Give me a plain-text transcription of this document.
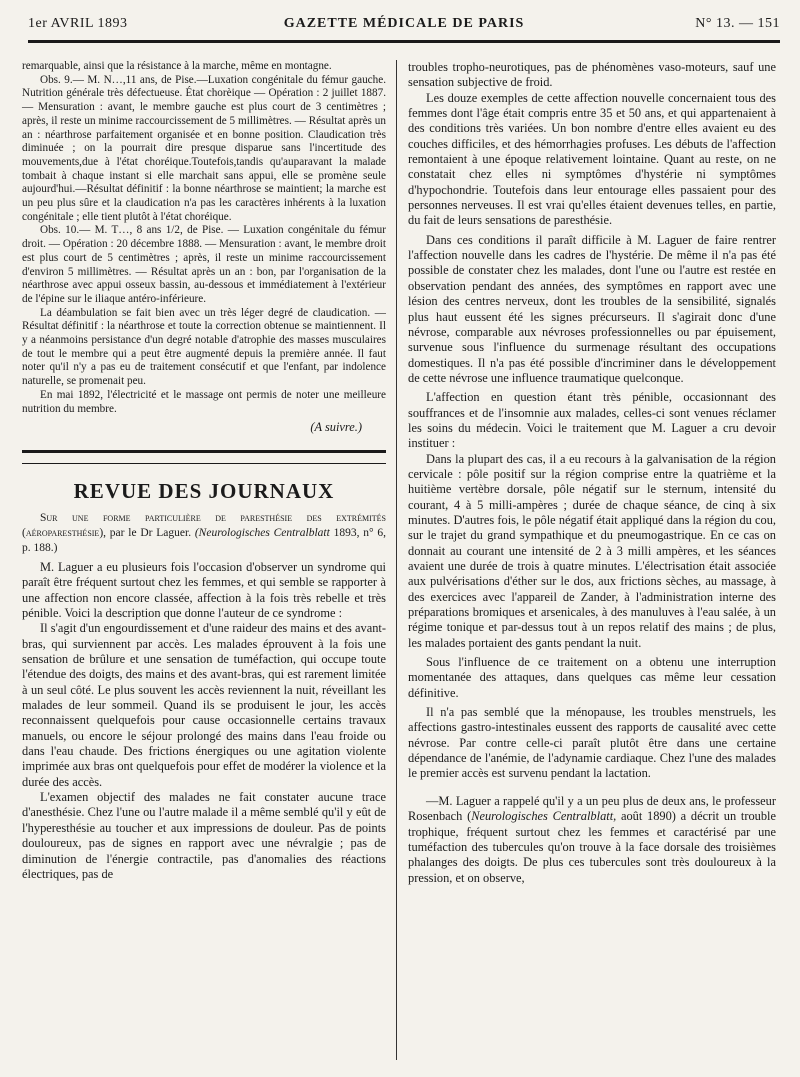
1er AVRIL 1893	GAZETTE MÉDICALE DE PARIS	N° 13. — 151

remarquable, ainsi que la résistance à la marche, même en montagne.

Obs. 9.— M. N…,11 ans, de Pise.—Luxation congénitale du fémur gauche. Nutrition générale très défectueuse. État chorèique — Opération : 2 juillet 1887. — Mensuration : avant, le membre gauche est plus court de 3 centimètres ; après, il reste un minime raccourcissement de 5 millimètres. — Résultat après un an : néarthrose parfaitement organisée et en bonne position. Claudication très diminuée ; on la pourrait dire presque disparue sans l'incertitude des mouvements,due à l'état choréique.Toutefois,tandis qu'auparavant la malade tombait à chaque instant si elle marchait sans appui, elle se promène seule aujourd'hui.—Résultat définitif : la bonne néarthrose se maintient; la marche est un peu plus sûre et la claudication n'a pas les caractères inhérents à la luxation congénitale ; elle tient plutôt à l'état choréique.

Obs. 10.— M. T…, 8 ans 1/2, de Pise. — Luxation congénitale du fémur droit. — Opération : 20 décembre 1888. — Mensuration : avant, le membre droit est plus court de 5 centimètres ; après, il reste un minime raccourcissement d'environ 5 millimètres. — Résultat après un an : bon, par l'organisation de la néarthrose avec appui osseux bassin, au-dessous et immédiatement à l'extérieur de l'épine sur le iliaque antéro-inférieure.

La déambulation se fait bien avec un très léger degré de claudication. — Résultat définitif : la néarthrose et toute la correction obtenue se maintiennent. Il y a néanmoins persistance d'un degré notable d'atrophie des masses musculaires de tout le membre qui a peut être augmenté depuis la première année. Il faut noter qu'il n'y a pas eu de traitement consécutif et que l'enfant, par indolence naturelle, se promenait peu.

En mai 1892, l'électricité et le massage ont permis de noter une meilleure nutrition du membre.

(A suivre.)
REVUE DES JOURNAUX

Sur une forme particulière de paresthésie des extrémités (aéroparesthésie), par le Dr Laguer. (Neurologisches Centralblatt 1893, n° 6, p. 188.)

M. Laguer a eu plusieurs fois l'occasion d'observer un syndrome qui paraît être fréquent surtout chez les femmes, et qui semble se rapporter à une affection non encore classée, affection à la fois très rebelle et très pénible. Voici la description que donne l'auteur de ce syndrome :

Il s'agit d'un engourdissement et d'une raideur des mains et des avant-bras, qui surviennent par accès. Les malades éprouvent à la fois une sensation de brûlure et une sensation de tuméfaction, qui occupe toute l'étendue des doigts, des mains et des avant-bras, qui est rarement limitée à un seul côté. Le plus souvent les accès reviennent la nuit, réveillant les malades de leur sommeil. Quand ils se produisent le jour, les accès reconnaissent quelquefois pour cause occasionnelle certains travaux manuels, ou encore le séjour prolongé des mains dans l'eau froide ou dans l'eau chaude. Des frictions énergiques ou une agitation violente imprimée aux bras ont quelquefois pour effet de modérer la violence et la durée des accès.

L'examen objectif des malades ne fait constater aucune trace d'anesthésie. Chez l'une ou l'autre malade il a même semblé qu'il y eût de l'hyperesthésie au toucher et aux impressions de douleur. Pas de points douloureux, pas de signes en rapport avec une névralgie ; pas de diminution de l'énergie contractile, pas d'anomalies des réactions électriques, pas de

troubles tropho-neurotiques, pas de phénomènes vaso-moteurs, sauf une sensation subjective de froid.

Les douze exemples de cette affection nouvelle concernaient tous des femmes dont l'âge était compris entre 35 et 50 ans, et qui appartenaient à des conditions très variées. Un bon nombre d'entre elles avaient eu des couches difficiles, et des hémorrhagies profuses. Les débuts de l'affection remontaient à une époque relativement lointaine. Quant au reste, on ne constatait chez elles ni symptômes d'hystérie ni symptômes d'hypochondrie. Toutefois dans leur entourage elles passaient pour des personnes nerveuses. Il est vrai qu'elles étaient devenues telles, en partie, du fait de leurs sensations de paresthésie.

Dans ces conditions il paraît difficile à M. Laguer de faire rentrer l'affection nouvelle dans les cadres de l'hystérie. De même il n'a pas été possible de constater chez les malades, dont l'une ou l'autre est restée en observation pendant des années, des symptômes en rapport avec une lésion des centres nerveux, dont les troubles de la sensibilité, signalés plus haut eussent été les signes précurseurs. Il s'agirait donc d'une névrose, comparable aux névroses professionnelles ou par épuisement, survenue sous l'influence du surmenage résultant des occupations domestiques. Il n'a pas été possible d'incriminer dans le développement de cette névrose une influence traumatique quelconque.

L'affection en question étant très pénible, occasionnant des souffrances et de l'insomnie aux malades, celles-ci sont venues réclamer les soins du médecin. Voici le traitement que M. Laguer a cru devoir instituer :

Dans la plupart des cas, il a eu recours à la galvanisation de la région cervicale : pôle positif sur la région comprise entre la quatrième et la huitième vertèbre dorsale, pôle négatif sur le sternum, intensité du courant, 4 à 5 milli-ampères ; durée de chaque séance, de cinq à six minutes. D'autres fois, le pôle négatif était appliqué dans la région du cou, sur le trajet du grand sympathique et du pneumogastrique. En ce cas on donnait au courant une intensité de 2 à 3 milli ampères, et les séances avaient une durée de trois à quatre minutes. L'électrisation était associée aux pulvérisations d'éther sur le dos, aux frictions sèches, au massage, à des exercices avec l'appareil de Zander, à l'administration interne des préparations bromiques et arsenicales, à des manuluves à l'eau salée, à un régime tonique et par-dessus tout à un repos relatif des mains ; de plus, les malades portaient des gants pendant la nuit.

Sous l'influence de ce traitement on a obtenu une interruption momentanée des attaques, dans quelques cas même leur cessation définitive.

Il n'a pas semblé que la ménopause, les troubles menstruels, les affections gastro-intestinales eussent des rapports de causalité avec cette névrose. Par contre celle-ci paraît plutôt être dans une certaine dépendance de l'anémie, de l'adynamie cardiaque. Chez l'une des malades le premier accès est survenu pendant la lactation.

—M. Laguer a rappelé qu'il y a un peu plus de deux ans, le professeur Rosenbach (Neurologisches Centralblatt, août 1890) a décrit un trouble trophique, fréquent surtout chez les femmes et caractérisé par une tuméfaction des tubercules qu'on trouve à la face dorsale des troisièmes phalanges des doigts. De plus ces tubercules sont très douloureux à la pression, et on observe,
